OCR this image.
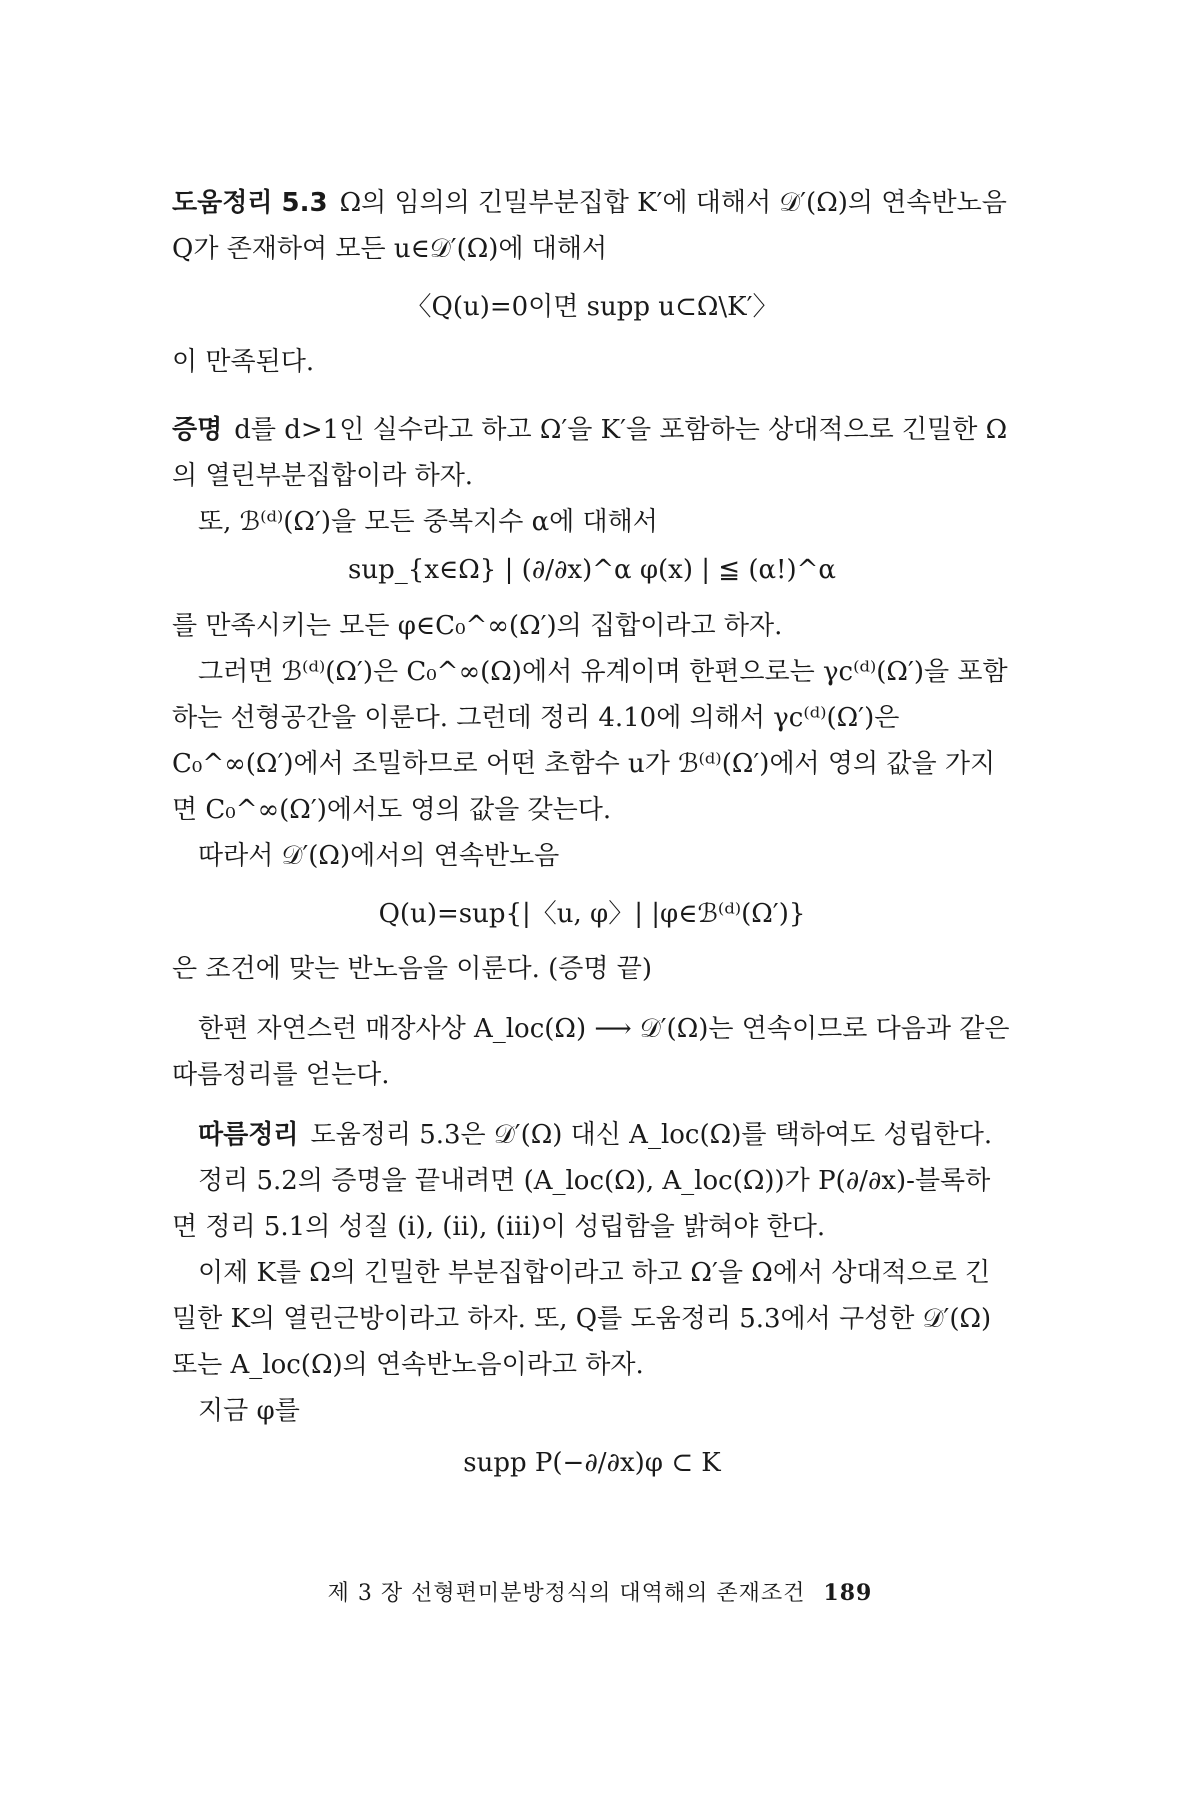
도움정리 5.3 Ω의 임의의 긴밀부분집합 K′에 대해서 𝒟′(Ω)의 연속반노음 Q가 존재하여 모든 u∈𝒟′(Ω)에 대해서

〈Q(u)=0이면 supp u⊂Ω\K′〉

이 만족된다.

증명 d를 d>1인 실수라고 하고 Ω′을 K′을 포함하는 상대적으로 긴밀한 Ω의 열린부분집합이라 하자.

또, ℬ⁽ᵈ⁾(Ω′)을 모든 중복지수 α에 대해서

sup_{x∈Ω} | (∂/∂x)^α φ(x) | ≦ (α!)^α

를 만족시키는 모든 φ∈C₀^∞(Ω′)의 집합이라고 하자.

그러면 ℬ⁽ᵈ⁾(Ω′)은 C₀^∞(Ω)에서 유계이며 한편으로는 γc⁽ᵈ⁾(Ω′)을 포함하는 선형공간을 이룬다. 그런데 정리 4.10에 의해서 γc⁽ᵈ⁾(Ω′)은 C₀^∞(Ω′)에서 조밀하므로 어떤 초함수 u가 ℬ⁽ᵈ⁾(Ω′)에서 영의 값을 가지면 C₀^∞(Ω′)에서도 영의 값을 갖는다.

따라서 𝒟′(Ω)에서의 연속반노음

Q(u)=sup{|〈u, φ〉| |φ∈ℬ⁽ᵈ⁾(Ω′)}

은 조건에 맞는 반노음을 이룬다. (증명 끝)

한편 자연스런 매장사상 A_loc(Ω) ⟶ 𝒟′(Ω)는 연속이므로 다음과 같은 따름정리를 얻는다.

따름정리 도움정리 5.3은 𝒟′(Ω) 대신 A_loc(Ω)를 택하여도 성립한다.

정리 5.2의 증명을 끝내려면 (A_loc(Ω), A_loc(Ω))가 P(∂/∂x)-블록하면 정리 5.1의 성질 (i), (ii), (iii)이 성립함을 밝혀야 한다.

이제 K를 Ω의 긴밀한 부분집합이라고 하고 Ω′을 Ω에서 상대적으로 긴밀한 K의 열린근방이라고 하자. 또, Q를 도움정리 5.3에서 구성한 𝒟′(Ω) 또는 A_loc(Ω)의 연속반노음이라고 하자.

지금 φ를

supp P(−∂/∂x)φ ⊂ K
제 3 장 선형편미분방정식의 대역해의 존재조건 189
